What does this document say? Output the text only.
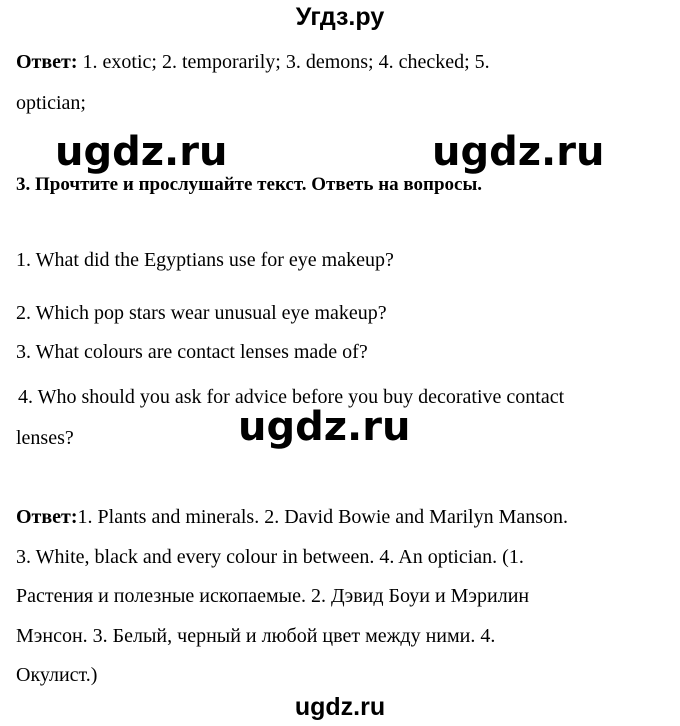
Угдз.ру
Ответ: 1. exotic; 2. temporarily; 3. demons; 4. checked; 5.
optician;
ugdz.ru	ugdz.ru
3. Прочтите и прослушайте текст. Ответь на вопросы.
1. What did the Egyptians use for eye makeup?
2. Which pop stars wear unusual eye makeup?
3. What colours are contact lenses made of?
4. Who should you ask for advice before you buy decorative contact
lenses?	ugdz.ru
Ответ:1. Plants and minerals. 2. David Bowie and Marilyn Manson.
3. White, black and every colour in between. 4. An optician. (1.
Растения и полезные ископаемые. 2. Дэвид Боуи и Мэрилин
Мэнсон. 3. Белый, черный и любой цвет между ними. 4.
Окулист.)
ugdz.ru
